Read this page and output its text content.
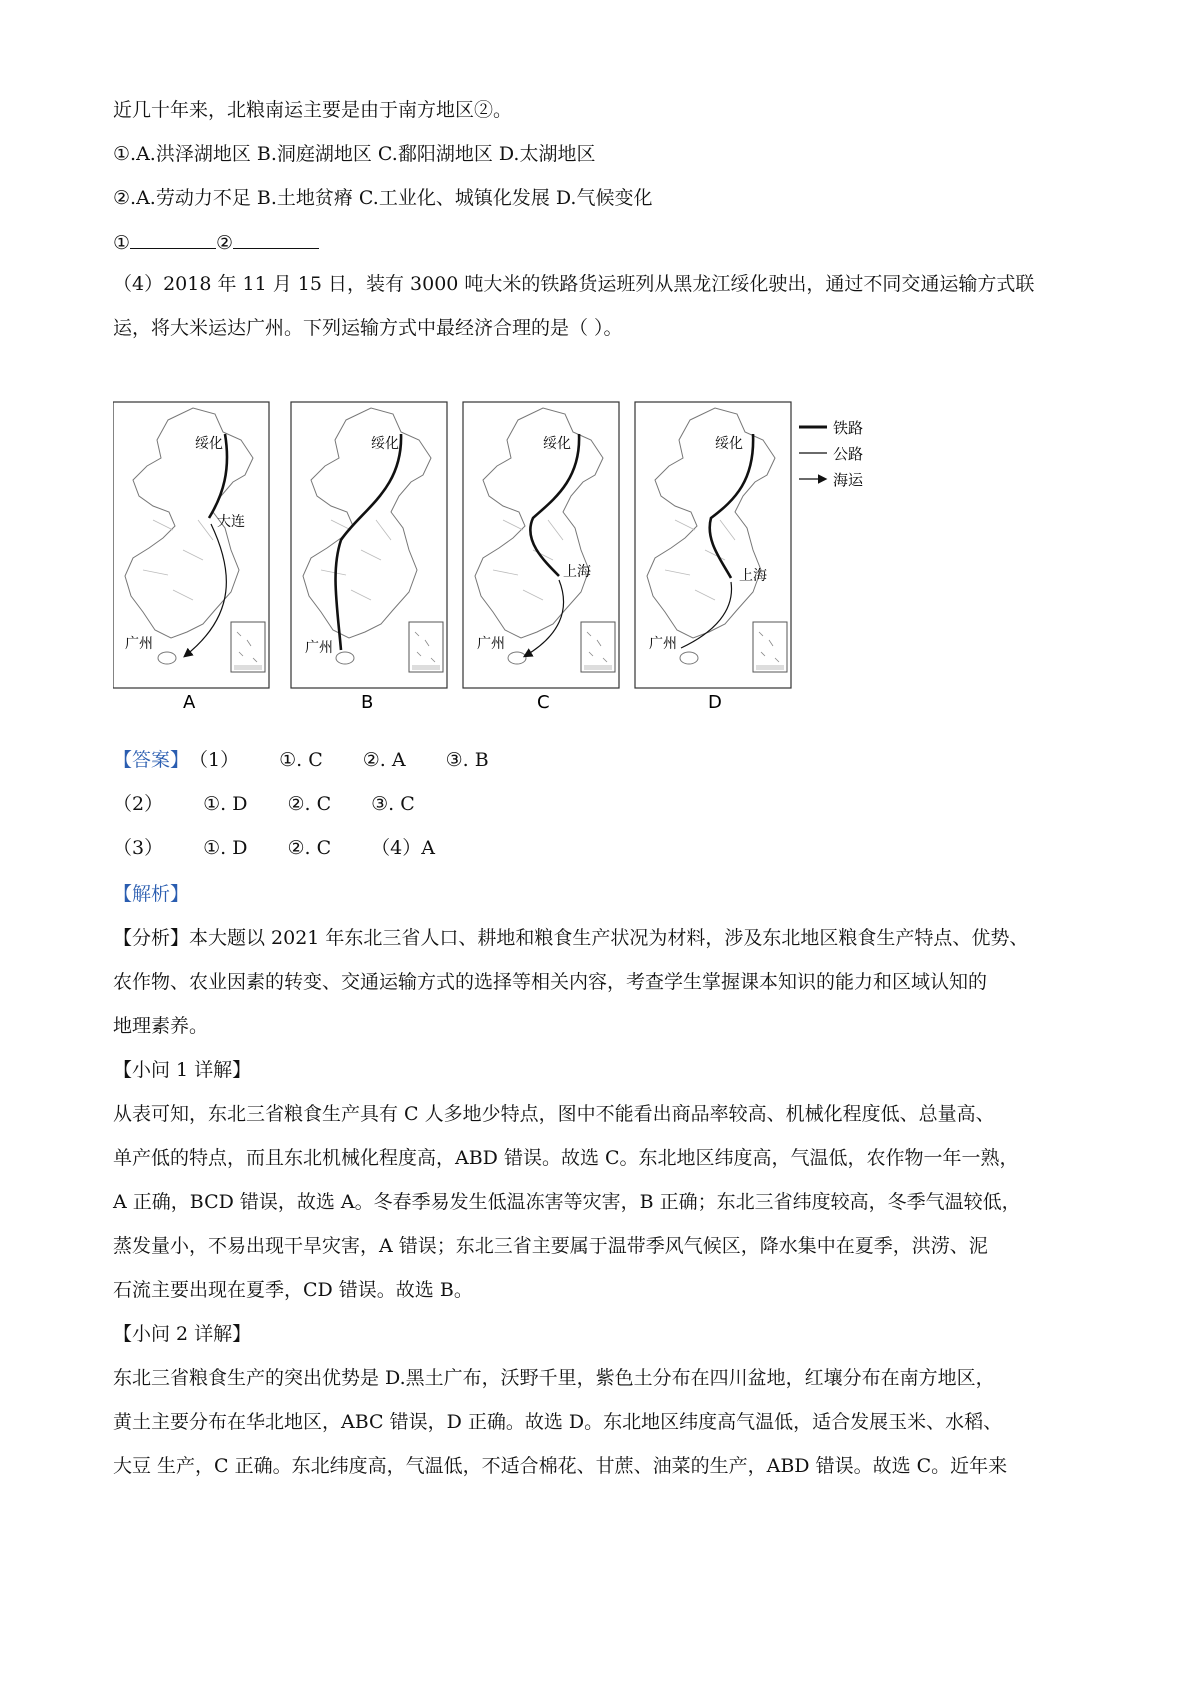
近几十年来，北粮南运主要是由于南方地区②。
①.A.洪泽湖地区 B.洞庭湖地区 C.鄱阳湖地区 D.太湖地区
②.A.劳动力不足 B.土地贫瘠 C.工业化、城镇化发展 D.气候变化
①	②
（4）2018 年 11 月 15 日，装有 3000 吨大米的铁路货运班列从黑龙江绥化驶出，通过不同交通运输方式联
运，将大米运达广州。下列运输方式中最经济合理的是（ ）。
绥化
大连
广州
A
绥化
广州
B
绥化
上海
广州
C
绥化
上海
广州
D
铁路
公路
海运
【答案】（1） ①. C ②. A ③. B
（2） ①. D ②. C ③. C
（3） ①. D ②. C （4）A
【解析】
【分析】本大题以 2021 年东北三省人口、耕地和粮食生产状况为材料，涉及东北地区粮食生产特点、优势、
农作物、农业因素的转变、交通运输方式的选择等相关内容，考查学生掌握课本知识的能力和区域认知的
地理素养。
【小问 1 详解】
从表可知，东北三省粮食生产具有 C 人多地少特点，图中不能看出商品率较高、机械化程度低、总量高、
单产低的特点，而且东北机械化程度高，ABD 错误。故选 C。东北地区纬度高，气温低，农作物一年一熟，
A 正确，BCD 错误，故选 A。冬春季易发生低温冻害等灾害，B 正确；东北三省纬度较高，冬季气温较低，
蒸发量小，不易出现干旱灾害，A 错误；东北三省主要属于温带季风气候区，降水集中在夏季，洪涝、泥
石流主要出现在夏季，CD 错误。故选 B。
【小问 2 详解】
东北三省粮食生产的突出优势是 D.黑土广布，沃野千里，紫色土分布在四川盆地，红壤分布在南方地区，
黄土主要分布在华北地区，ABC 错误，D 正确。故选 D。东北地区纬度高气温低，适合发展玉米、水稻、
大豆 生产，C 正确。东北纬度高，气温低，不适合棉花、甘蔗、油菜的生产，ABD 错误。故选 C。近年来
